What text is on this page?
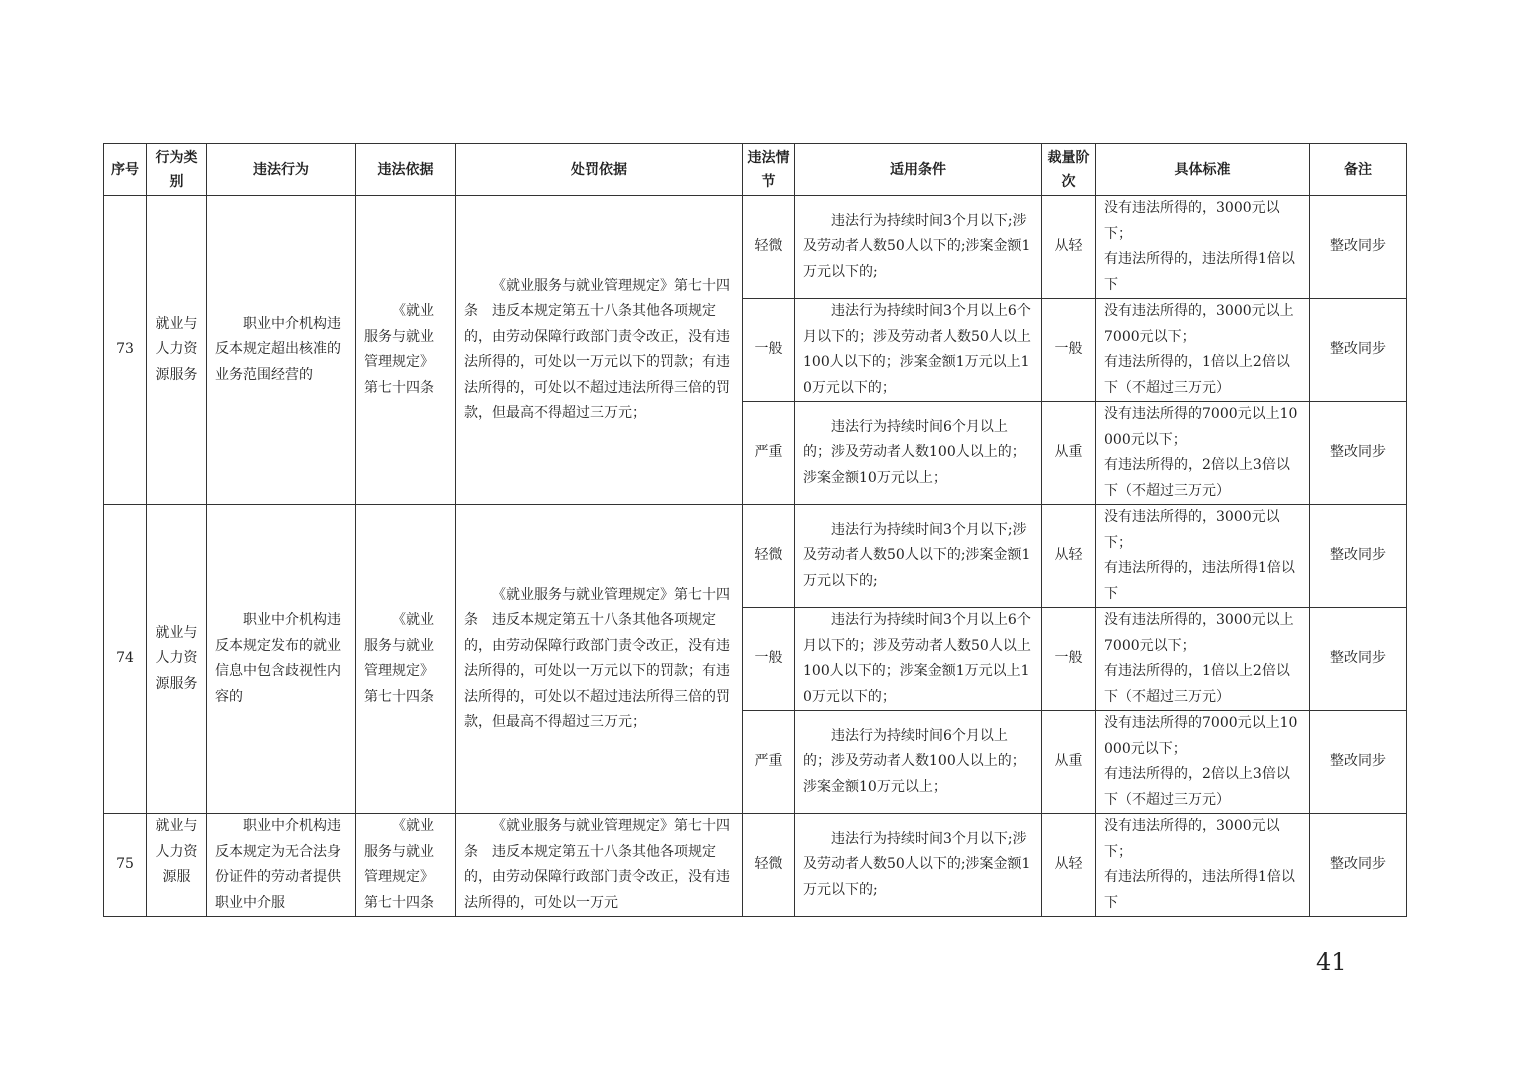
序号	行为类别	违法行为	违法依据	处罚依据	违法情节	适用条件	裁量阶次	具体标准	备注
73	就业与人力资源服务	职业中介机构违反本规定超出核准的业务范围经营的	《就业服务与就业管理规定》第七十四条	《就业服务与就业管理规定》第七十四条　违反本规定第五十八条其他各项规定的，由劳动保障行政部门责令改正，没有违法所得的，可处以一万元以下的罚款；有违法所得的，可处以不超过违法所得三倍的罚款，但最高不得超过三万元；	轻微	违法行为持续时间3个月以下;涉及劳动者人数50人以下的;涉案金额1万元以下的;	从轻	没有违法所得的，3000元以下；
有违法所得的，违法所得1倍以下	整改同步
					一般	违法行为持续时间3个月以上6个月以下的；涉及劳动者人数50人以上100人以下的；涉案金额1万元以上10万元以下的；	一般	没有违法所得的，3000元以上7000元以下；
有违法所得的，1倍以上2倍以下（不超过三万元）	整改同步
					严重	违法行为持续时间6个月以上的；涉及劳动者人数100人以上的；涉案金额10万元以上；	从重	没有违法所得的7000元以上10000元以下；
有违法所得的，2倍以上3倍以下（不超过三万元）	整改同步
74	就业与人力资源服务	职业中介机构违反本规定发布的就业信息中包含歧视性内容的	《就业服务与就业管理规定》第七十四条	《就业服务与就业管理规定》第七十四条　违反本规定第五十八条其他各项规定的，由劳动保障行政部门责令改正，没有违法所得的，可处以一万元以下的罚款；有违法所得的，可处以不超过违法所得三倍的罚款，但最高不得超过三万元；	轻微	违法行为持续时间3个月以下;涉及劳动者人数50人以下的;涉案金额1万元以下的;	从轻	没有违法所得的，3000元以下；
有违法所得的，违法所得1倍以下	整改同步
					一般	违法行为持续时间3个月以上6个月以下的；涉及劳动者人数50人以上100人以下的；涉案金额1万元以上10万元以下的；	一般	没有违法所得的，3000元以上7000元以下；
有违法所得的，1倍以上2倍以下（不超过三万元）	整改同步
					严重	违法行为持续时间6个月以上的；涉及劳动者人数100人以上的；涉案金额10万元以上；	从重	没有违法所得的7000元以上10000元以下；
有违法所得的，2倍以上3倍以下（不超过三万元）	整改同步
75	就业与人力资源服	职业中介机构违反本规定为无合法身份证件的劳动者提供职业中介服	《就业服务与就业管理规定》第七十四条	《就业服务与就业管理规定》第七十四条　违反本规定第五十八条其他各项规定的，由劳动保障行政部门责令改正，没有违法所得的，可处以一万元	轻微	违法行为持续时间3个月以下;涉及劳动者人数50人以下的;涉案金额1万元以下的;	从轻	没有违法所得的，3000元以下；
有违法所得的，违法所得1倍以下	整改同步
41
